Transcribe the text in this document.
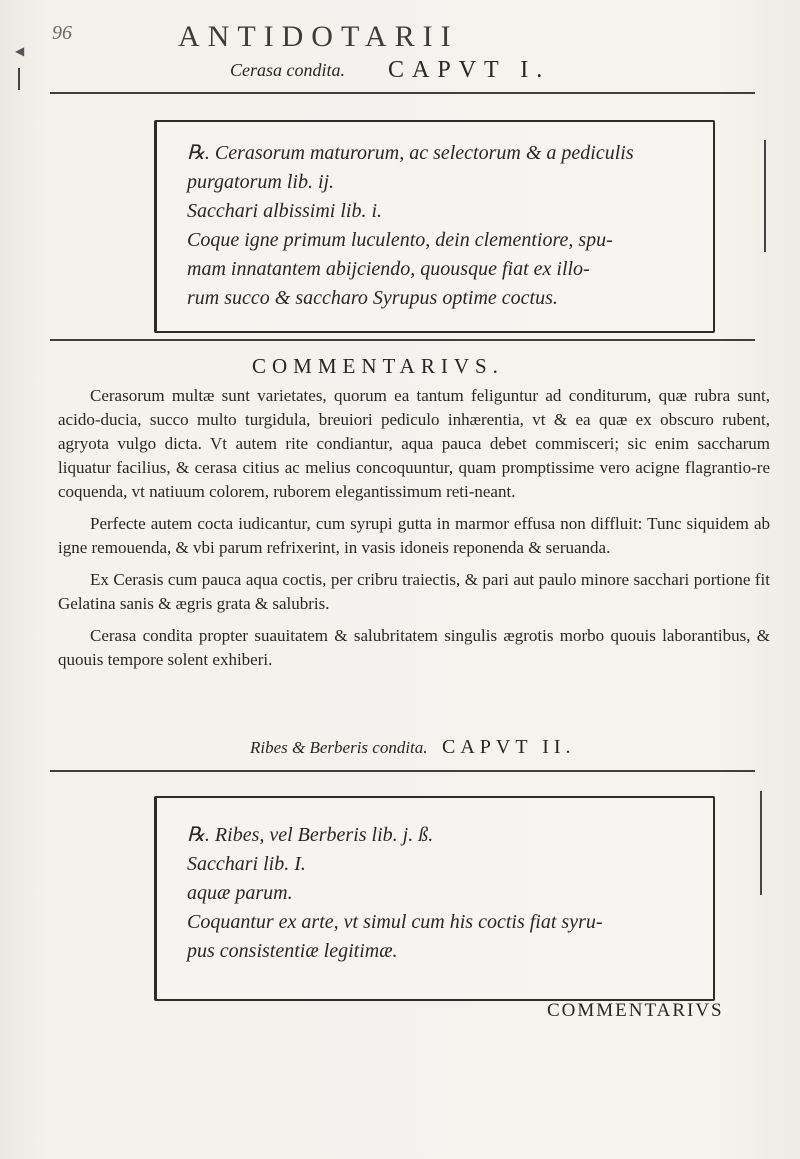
96	ANTIDOTARII
◀
Cerasa condita. CAPVT I.
℞. Cerasorum maturorum, ac selectorum & a pediculis
purgatorum lib. ij.
Sacchari albissimi lib. i.
Coque igne primum luculento, dein clementiore, spu-
mam innatantem abijciendo, quousque fiat ex illo-
rum succo & saccharo Syrupus optime coctus.
COMMENTARIVS.

Cerasorum multæ sunt varietates, quorum ea tantum feliguntur ad conditurum, quæ rubra sunt, acido-ducia, succo multo turgidula, breuiori pediculo inhærentia, vt & ea quæ ex obscuro rubent, agryota vulgo dicta. Vt autem rite condiantur, aqua pauca debet commisceri; sic enim saccharum liquatur facilius, & cerasa citius ac melius concoquuntur, quam promptissime vero acigne flagrantio-re coquenda, vt natiuum colorem, ruborem elegantissimum reti-neant.

Perfecte autem cocta iudicantur, cum syrupi gutta in marmor effusa non diffluit: Tunc siquidem ab igne remouenda, & vbi parum refrixerint, in vasis idoneis reponenda & seruanda.

Ex Cerasis cum pauca aqua coctis, per cribru traiectis, & pari aut paulo minore sacchari portione fit Gelatina sanis & ægris grata & salubris.

Cerasa condita propter suauitatem & salubritatem singulis ægrotis morbo quouis laborantibus, & quouis tempore solent exhiberi.

Ribes & Berberis condita. CAPVT II.
℞. Ribes, vel Berberis lib. j. ß.
Sacchari lib. I.
aquæ parum.
Coquantur ex arte, vt simul cum his coctis fiat syru-
pus consistentiæ legitimæ.
COMMENTARIVS
